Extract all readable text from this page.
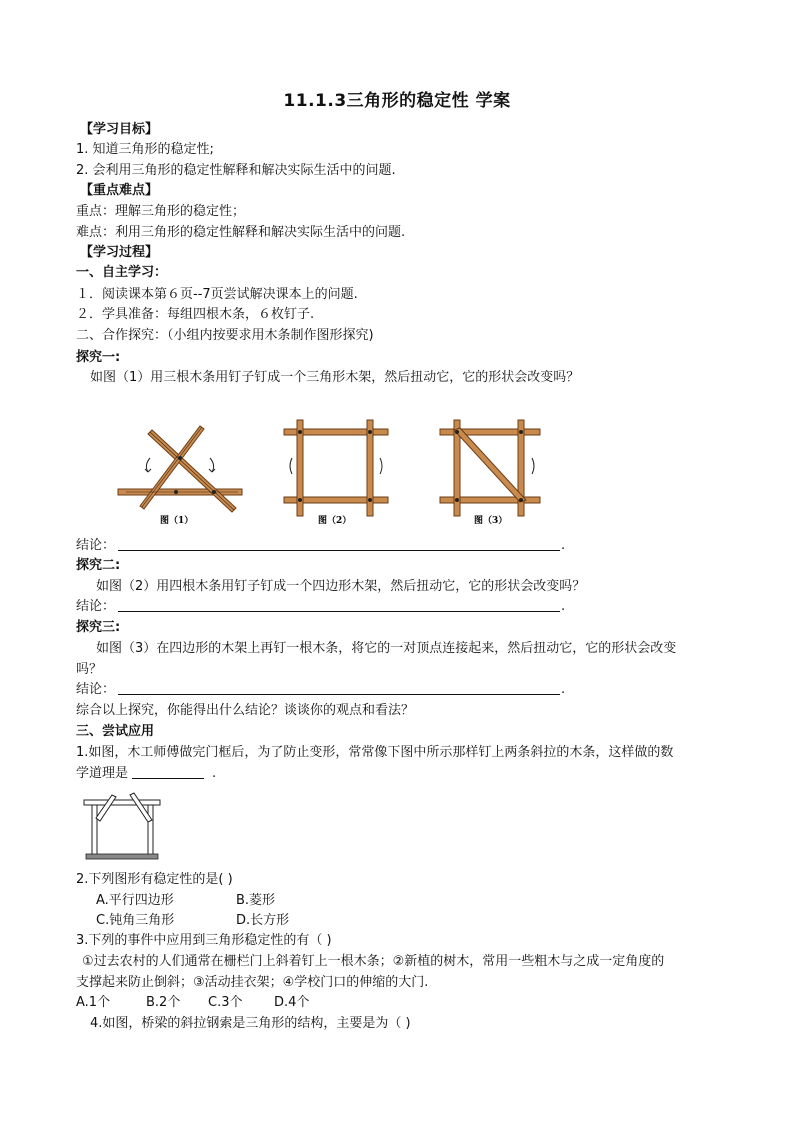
11.1.3三角形的稳定性 学案
【学习目标】
1. 知道三角形的稳定性;
2. 会利用三角形的稳定性解释和解决实际生活中的问题.
【重点难点】
重点：理解三角形的稳定性；
难点：利用三角形的稳定性解释和解决实际生活中的问题.
【学习过程】
一、自主学习：
１．阅读课本第６页--7页尝试解决课本上的问题.
２．学具准备：每组四根木条，６枚钉子.
二、合作探究：（小组内按要求用木条制作图形探究)
探究一:
如图（1）用三根木条用钉子钉成一个三角形木架，然后扭动它，它的形状会改变吗？
图（1）	图（2）	图（3）
结论：	.
探究二:
如图（2）用四根木条用钉子钉成一个四边形木架，然后扭动它，它的形状会改变吗？
结论：	.
探究三:
如图（3）在四边形的木架上再钉一根木条，将它的一对顶点连接起来，然后扭动它，它的形状会改变
吗？
结论：	.
综合以上探究，你能得出什么结论？谈谈你的观点和看法？
三、尝试应用
1.如图，木工师傅做完门框后，为了防止变形，常常像下图中所示那样钉上两条斜拉的木条，这样做的数
学道理是	.
2.下列图形有稳定性的是( )
A.平行四边形	B.菱形
C.钝角三角形	D.长方形
3.下列的事件中应用到三角形稳定性的有（ )
①过去农村的人们通常在栅栏门上斜着钉上一根木条；②新植的树木，常用一些粗木与之成一定角度的
支撑起来防止倒斜；③活动挂衣架；④学校门口的伸缩的大门.
A.1个	B.2个 C.3个 D.4个
4.如图，桥梁的斜拉钢索是三角形的结构，主要是为（ )
